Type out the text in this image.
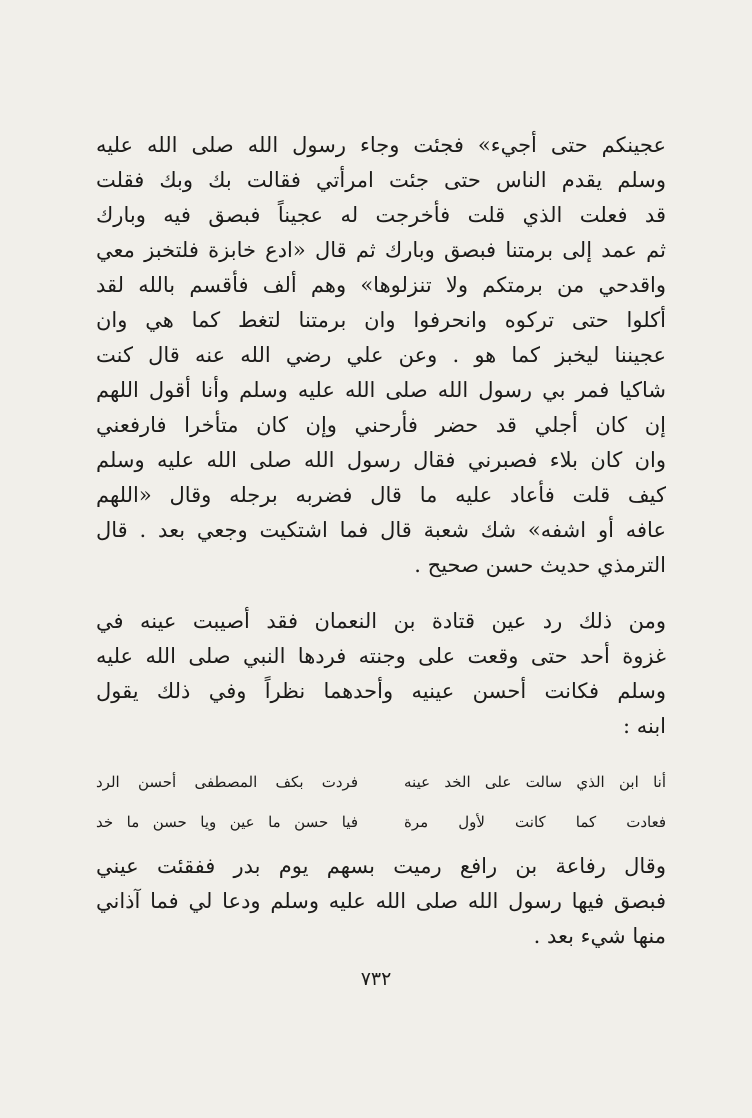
عجينكم حتى أجيء» فجئت وجاء رسول الله صلى الله عليه
وسلم يقدم الناس حتى جئت امرأتي فقالت بك وبك فقلت
قد فعلت الذي قلت فأخرجت له عجيناً فبصق فيه وبارك
ثم عمد إلى برمتنا فبصق وبارك ثم قال «ادع خابزة فلتخبز معي
واقدحي من برمتكم ولا تنزلوها» وهم ألف فأقسم بالله لقد
أكلوا حتى تركوه وانحرفوا وان برمتنا لتغط كما هي وان
عجيننا ليخبز كما هو . وعن علي رضي الله عنه قال كنت
شاكيا فمر بي رسول الله صلى الله عليه وسلم وأنا أقول اللهم
إن كان أجلي قد حضر فأرحني وإن كان متأخرا فارفعني
وان كان بلاء فصبرني فقال رسول الله صلى الله عليه وسلم
كيف قلت فأعاد عليه ما قال فضربه برجله وقال «اللهم
عافه أو اشفه» شك شعبة قال فما اشتكيت وجعي بعد . قال
الترمذي حديث حسن صحيح .
ومن ذلك رد عين قتادة بن النعمان فقد أصيبت عينه في
غزوة أحد حتى وقعت على وجنته فردها النبي صلى الله عليه
وسلم فكانت أحسن عينيه وأحدهما نظراً وفي ذلك يقول
ابنه :
أنا ابن الذي سالت على الخد عينه
فردت بكف المصطفى أحسن الرد
فعادت كما كانت لأول مرة
فيا حسن ما عين ويا حسن ما خد
وقال رفاعة بن رافع رميت بسهم يوم بدر ففقئت عيني
فبصق فيها رسول الله صلى الله عليه وسلم ودعا لي فما آذاني
منها شيء بعد .
٧٣٢
